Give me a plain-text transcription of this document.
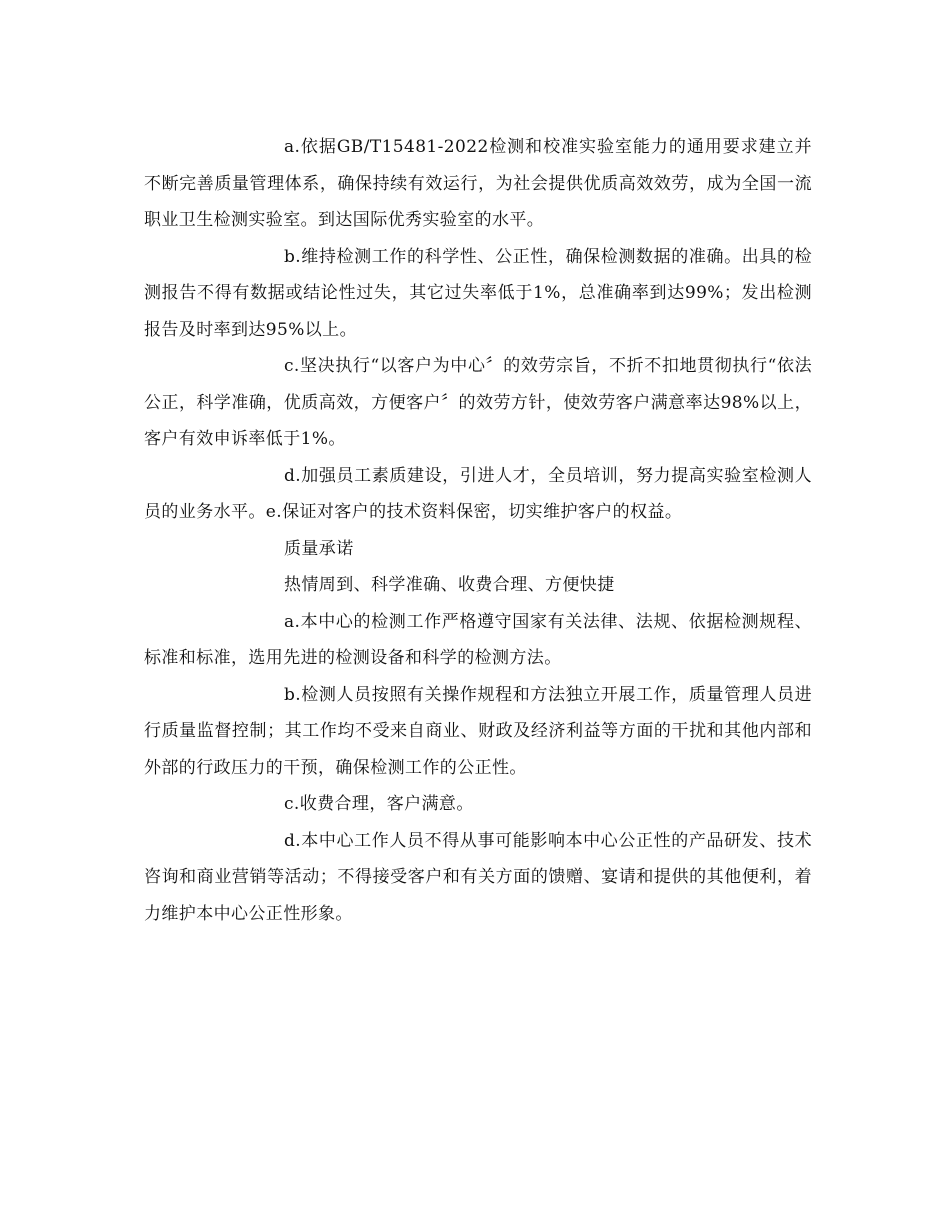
a.依据GB/T15481-2022检测和校准实验室能力的通用要求建立并不断完善质量管理体系，确保持续有效运行，为社会提供优质高效效劳，成为全国一流职业卫生检测实验室。到达国际优秀实验室的水平。

b.维持检测工作的科学性、公正性，确保检测数据的准确。出具的检测报告不得有数据或结论性过失，其它过失率低于1%，总准确率到达99%；发出检测报告及时率到达95%以上。

c.坚决执行“以客户为中心〞的效劳宗旨，不折不扣地贯彻执行“依法公正，科学准确，优质高效，方便客户〞的效劳方针，使效劳客户满意率达98%以上，客户有效申诉率低于1%。

d.加强员工素质建设，引进人才，全员培训，努力提高实验室检测人员的业务水平。e.保证对客户的技术资料保密，切实维护客户的权益。

质量承诺

热情周到、科学准确、收费合理、方便快捷

a.本中心的检测工作严格遵守国家有关法律、法规、依据检测规程、标准和标准，选用先进的检测设备和科学的检测方法。

b.检测人员按照有关操作规程和方法独立开展工作，质量管理人员进行质量监督控制；其工作均不受来自商业、财政及经济利益等方面的干扰和其他内部和外部的行政压力的干预，确保检测工作的公正性。

c.收费合理，客户满意。

d.本中心工作人员不得从事可能影响本中心公正性的产品研发、技术咨询和商业营销等活动；不得接受客户和有关方面的馈赠、宴请和提供的其他便利，着力维护本中心公正性形象。
